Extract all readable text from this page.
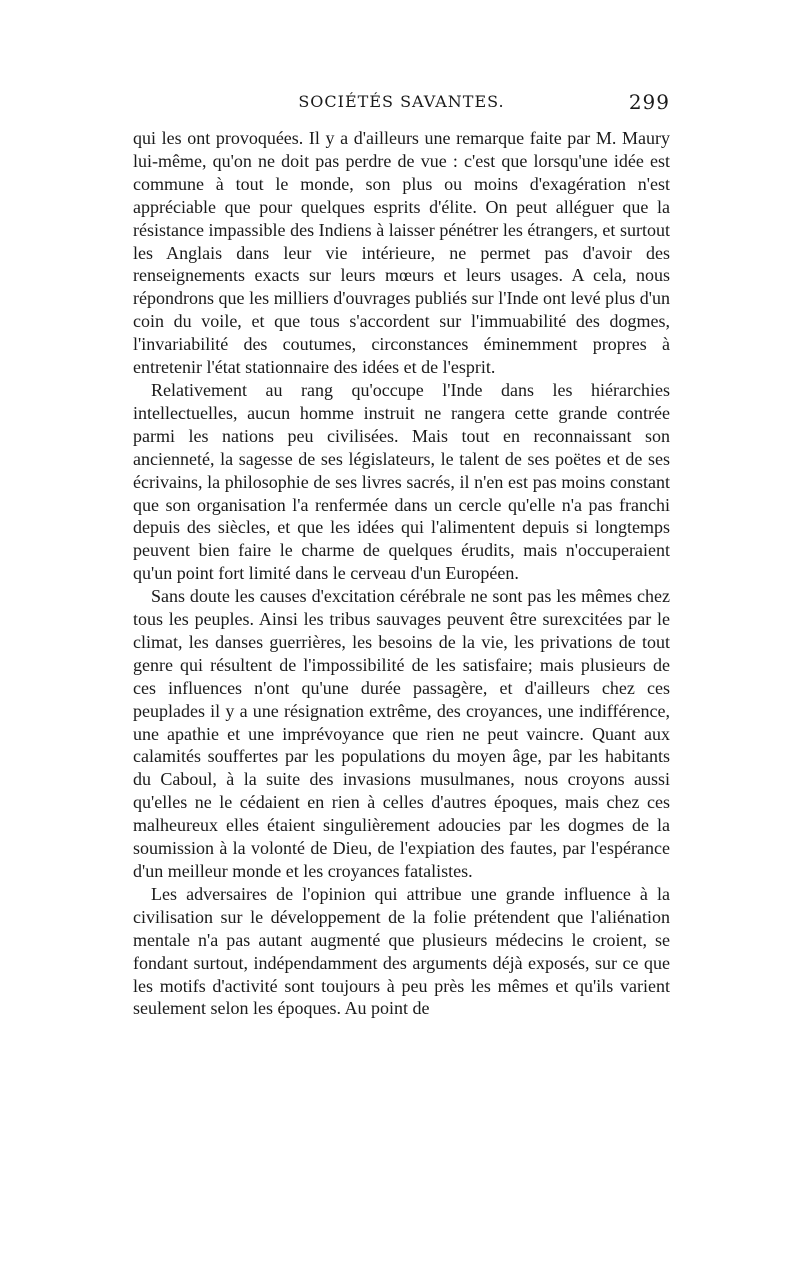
SOCIÉTÉS SAVANTES.	299

qui les ont provoquées. Il y a d'ailleurs une remarque faite par M. Maury lui-même, qu'on ne doit pas perdre de vue : c'est que lorsqu'une idée est commune à tout le monde, son plus ou moins d'exagération n'est appréciable que pour quelques esprits d'élite. On peut alléguer que la résistance impassible des Indiens à laisser pénétrer les étrangers, et surtout les Anglais dans leur vie intérieure, ne permet pas d'avoir des renseignements exacts sur leurs mœurs et leurs usages. A cela, nous répondrons que les milliers d'ouvrages publiés sur l'Inde ont levé plus d'un coin du voile, et que tous s'accordent sur l'immuabilité des dogmes, l'invariabilité des coutumes, circonstances éminemment propres à entretenir l'état stationnaire des idées et de l'esprit.

Relativement au rang qu'occupe l'Inde dans les hiérarchies intellectuelles, aucun homme instruit ne rangera cette grande contrée parmi les nations peu civilisées. Mais tout en reconnaissant son ancienneté, la sagesse de ses législateurs, le talent de ses poëtes et de ses écrivains, la philosophie de ses livres sacrés, il n'en est pas moins constant que son organisation l'a renfermée dans un cercle qu'elle n'a pas franchi depuis des siècles, et que les idées qui l'alimentent depuis si longtemps peuvent bien faire le charme de quelques érudits, mais n'occuperaient qu'un point fort limité dans le cerveau d'un Européen.

Sans doute les causes d'excitation cérébrale ne sont pas les mêmes chez tous les peuples. Ainsi les tribus sauvages peuvent être surexcitées par le climat, les danses guerrières, les besoins de la vie, les privations de tout genre qui résultent de l'impossibilité de les satisfaire; mais plusieurs de ces influences n'ont qu'une durée passagère, et d'ailleurs chez ces peuplades il y a une résignation extrême, des croyances, une indifférence, une apathie et une imprévoyance que rien ne peut vaincre. Quant aux calamités souffertes par les populations du moyen âge, par les habitants du Caboul, à la suite des invasions musulmanes, nous croyons aussi qu'elles ne le cédaient en rien à celles d'autres époques, mais chez ces malheureux elles étaient singulièrement adoucies par les dogmes de la soumission à la volonté de Dieu, de l'expiation des fautes, par l'espérance d'un meilleur monde et les croyances fatalistes.

Les adversaires de l'opinion qui attribue une grande influence à la civilisation sur le développement de la folie prétendent que l'aliénation mentale n'a pas autant augmenté que plusieurs médecins le croient, se fondant surtout, indépendamment des arguments déjà exposés, sur ce que les motifs d'activité sont toujours à peu près les mêmes et qu'ils varient seulement selon les époques. Au point de
